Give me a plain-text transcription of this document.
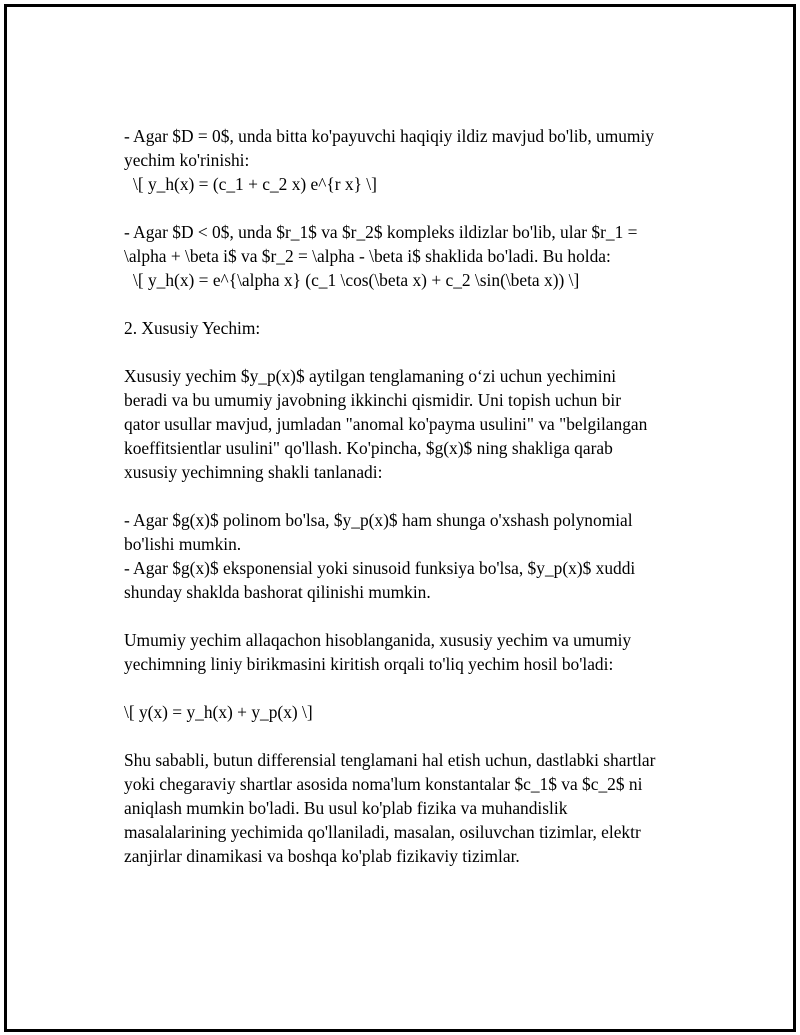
- Agar $D = 0$, unda bitta ko'payuvchi haqiqiy ildiz mavjud bo'lib, umumiy
yechim ko'rinishi:
\[ y_h(x) = (c_1 + c_2 x) e^{r x} \]
- Agar $D < 0$, unda $r_1$ va $r_2$ kompleks ildizlar bo'lib, ular $r_1 =
\alpha + \beta i$ va $r_2 = \alpha - \beta i$ shaklida bo'ladi. Bu holda:
\[ y_h(x) = e^{\alpha x} (c_1 \cos(\beta x) + c_2 \sin(\beta x)) \]
2. Xususiy Yechim:
Xususiy yechim $y_p(x)$ aytilgan tenglamaning o‘zi uchun yechimini
beradi va bu umumiy javobning ikkinchi qismidir. Uni topish uchun bir
qator usullar mavjud, jumladan "anomal ko'payma usulini" va "belgilangan
koeffitsientlar usulini" qo'llash. Ko'pincha, $g(x)$ ning shakliga qarab
xususiy yechimning shakli tanlanadi:
- Agar $g(x)$ polinom bo'lsa, $y_p(x)$ ham shunga o'xshash polynomial
bo'lishi mumkin.
- Agar $g(x)$ eksponensial yoki sinusoid funksiya bo'lsa, $y_p(x)$ xuddi
shunday shaklda bashorat qilinishi mumkin.
Umumiy yechim allaqachon hisoblanganida, xususiy yechim va umumiy
yechimning liniy birikmasini kiritish orqali to'liq yechim hosil bo'ladi:
\[ y(x) = y_h(x) + y_p(x) \]
Shu sababli, butun differensial tenglamani hal etish uchun, dastlabki shartlar
yoki chegaraviy shartlar asosida noma'lum konstantalar $c_1$ va $c_2$ ni
aniqlash mumkin bo'ladi. Bu usul ko'plab fizika va muhandislik
masalalarining yechimida qo'llaniladi, masalan, osiluvchan tizimlar, elektr
zanjirlar dinamikasi va boshqa ko'plab fizikaviy tizimlar.
